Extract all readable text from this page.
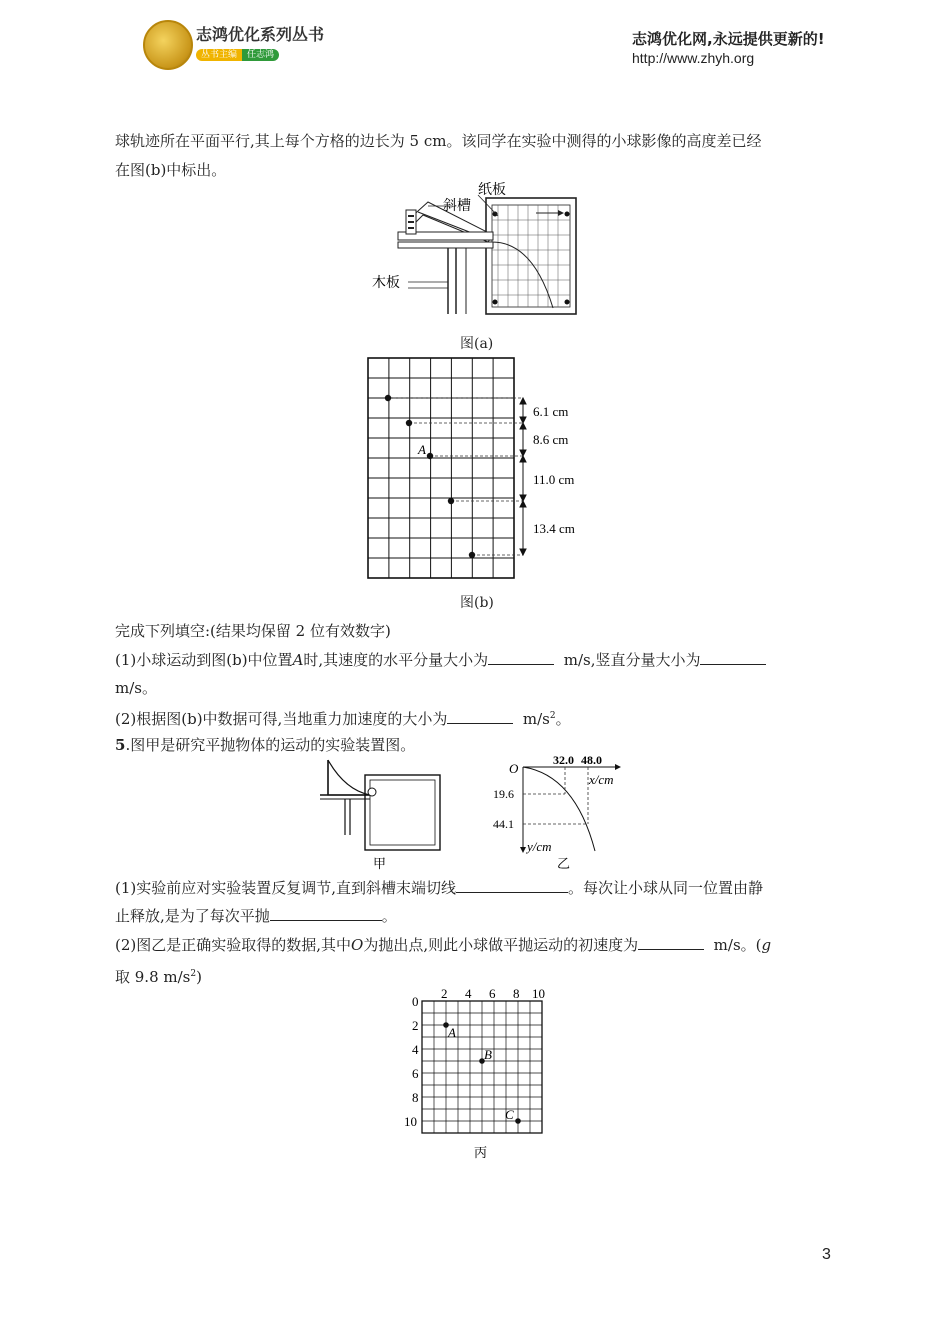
志鸿优化系列丛书
丛书主编 任志鸿
志鸿优化网,永远提供更新的!
http://www.zhyh.org
球轨迹所在平面平行,其上每个方格的边长为 5 cm。该同学在实验中测得的小球影像的高度差已经
在图(b)中标出。
纸板
斜槽
木板
图(a)
A
6.1 cm
8.6 cm
11.0 cm
13.4 cm
图(b)
完成下列填空:(结果均保留 2 位有效数字)
(1)小球运动到图(b)中位置A时,其速度的水平分量大小为	m/s,竖直分量大小为
m/s。
(2)根据图(b)中数据可得,当地重力加速度的大小为	$m/s^2$。
5.图甲是研究平抛物体的运动的实验装置图。
甲
O
32.0 48.0
x/cm
19.6
44.1
y/cm
乙
(1)实验前应对实验装置反复调节,直到斜槽末端切线	。每次让小球从同一位置由静
止释放,是为了每次平抛	。
(2)图乙是正确实验取得的数据,其中O为抛出点,则此小球做平抛运动的初速度为	m/s。(g
取 9.8 $m/s^2$)
2 4 6 8 10
0
2
4
6
8
10
A
B
C
丙
3
